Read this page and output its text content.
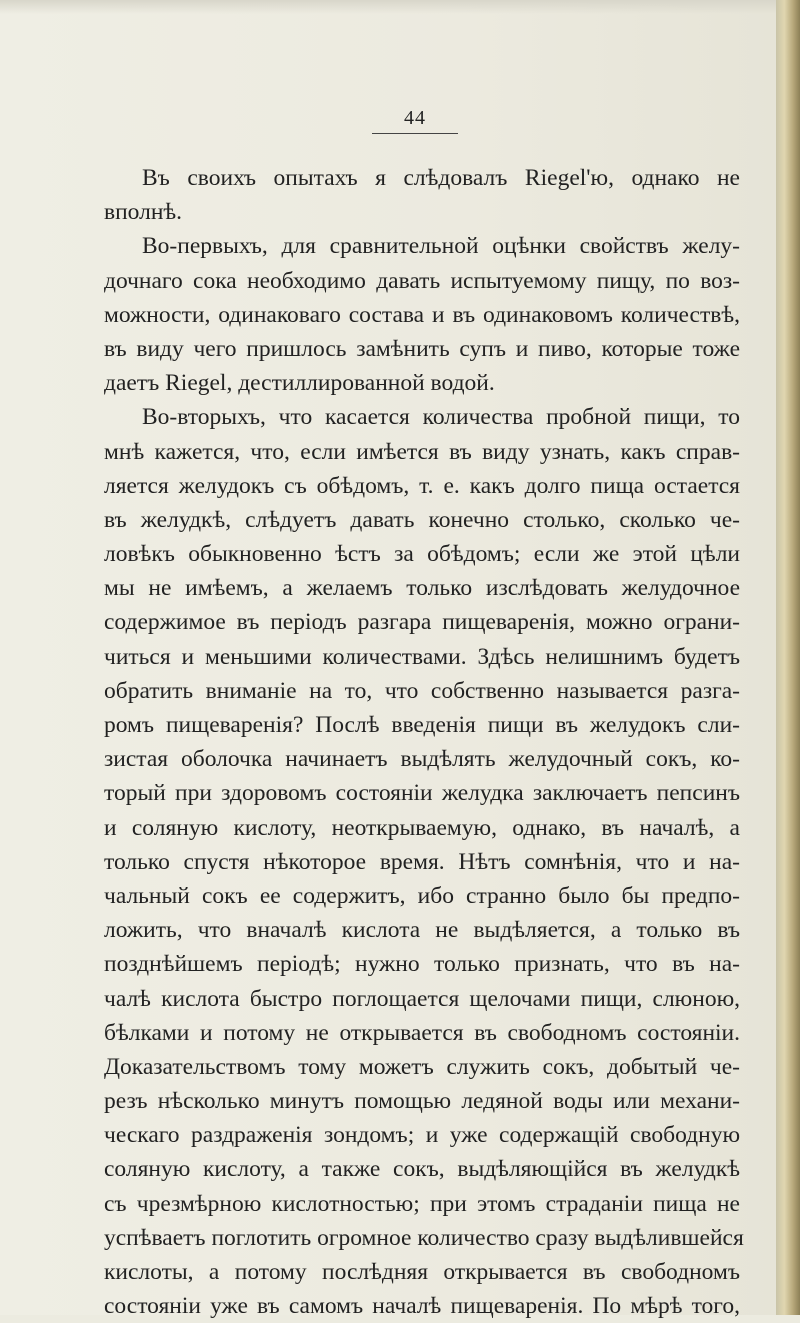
44
Въ своихъ опытахъ я слѣдовалъ Riegel'ю, однако не
вполнѣ.
Во-первыхъ, для сравнительной оцѣнки свойствъ желу-
дочнаго сока необходимо давать испытуемому пищу, по воз-
можности, одинаковаго состава и въ одинаковомъ количествѣ,
въ виду чего пришлось замѣнить супъ и пиво, которые тоже
даетъ Riegel, дестиллированной водой.
Во-вторыхъ, что касается количества пробной пищи, то
мнѣ кажется, что, если имѣется въ виду узнать, какъ справ-
ляется желудокъ съ обѣдомъ, т. е. какъ долго пища остается
въ желудкѣ, слѣдуетъ давать конечно столько, сколько че-
ловѣкъ обыкновенно ѣстъ за обѣдомъ; если же этой цѣли
мы не имѣемъ, а желаемъ только изслѣдовать желудочное
содержимое въ періодъ разгара пищеваренія, можно ограни-
читься и меньшими количествами. Здѣсь нелишнимъ будетъ
обратить вниманіе на то, что собственно называется разга-
ромъ пищеваренія? Послѣ введенія пищи въ желудокъ сли-
зистая оболочка начинаетъ выдѣлять желудочный сокъ, ко-
торый при здоровомъ состояніи желудка заключаетъ пепсинъ
и соляную кислоту, неоткрываемую, однако, въ началѣ, а
только спустя нѣкоторое время. Нѣтъ сомнѣнія, что и на-
чальный сокъ ее содержитъ, ибо странно было бы предпо-
ложить, что вначалѣ кислота не выдѣляется, а только въ
позднѣйшемъ періодѣ; нужно только признать, что въ на-
чалѣ кислота быстро поглощается щелочами пищи, слюною,
бѣлками и потому не открывается въ свободномъ состояніи.
Доказательствомъ тому можетъ служить сокъ, добытый че-
резъ нѣсколько минутъ помощью ледяной воды или механи-
ческаго раздраженія зондомъ; и уже содержащій свободную
соляную кислоту, а также сокъ, выдѣляющійся въ желудкѣ
съ чрезмѣрною кислотностью; при этомъ страданіи пища не
успѣваетъ поглотить огромное количество сразу выдѣлившейся
кислоты, а потому послѣдняя открывается въ свободномъ
состояніи уже въ самомъ началѣ пищеваренія. По мѣрѣ того,
